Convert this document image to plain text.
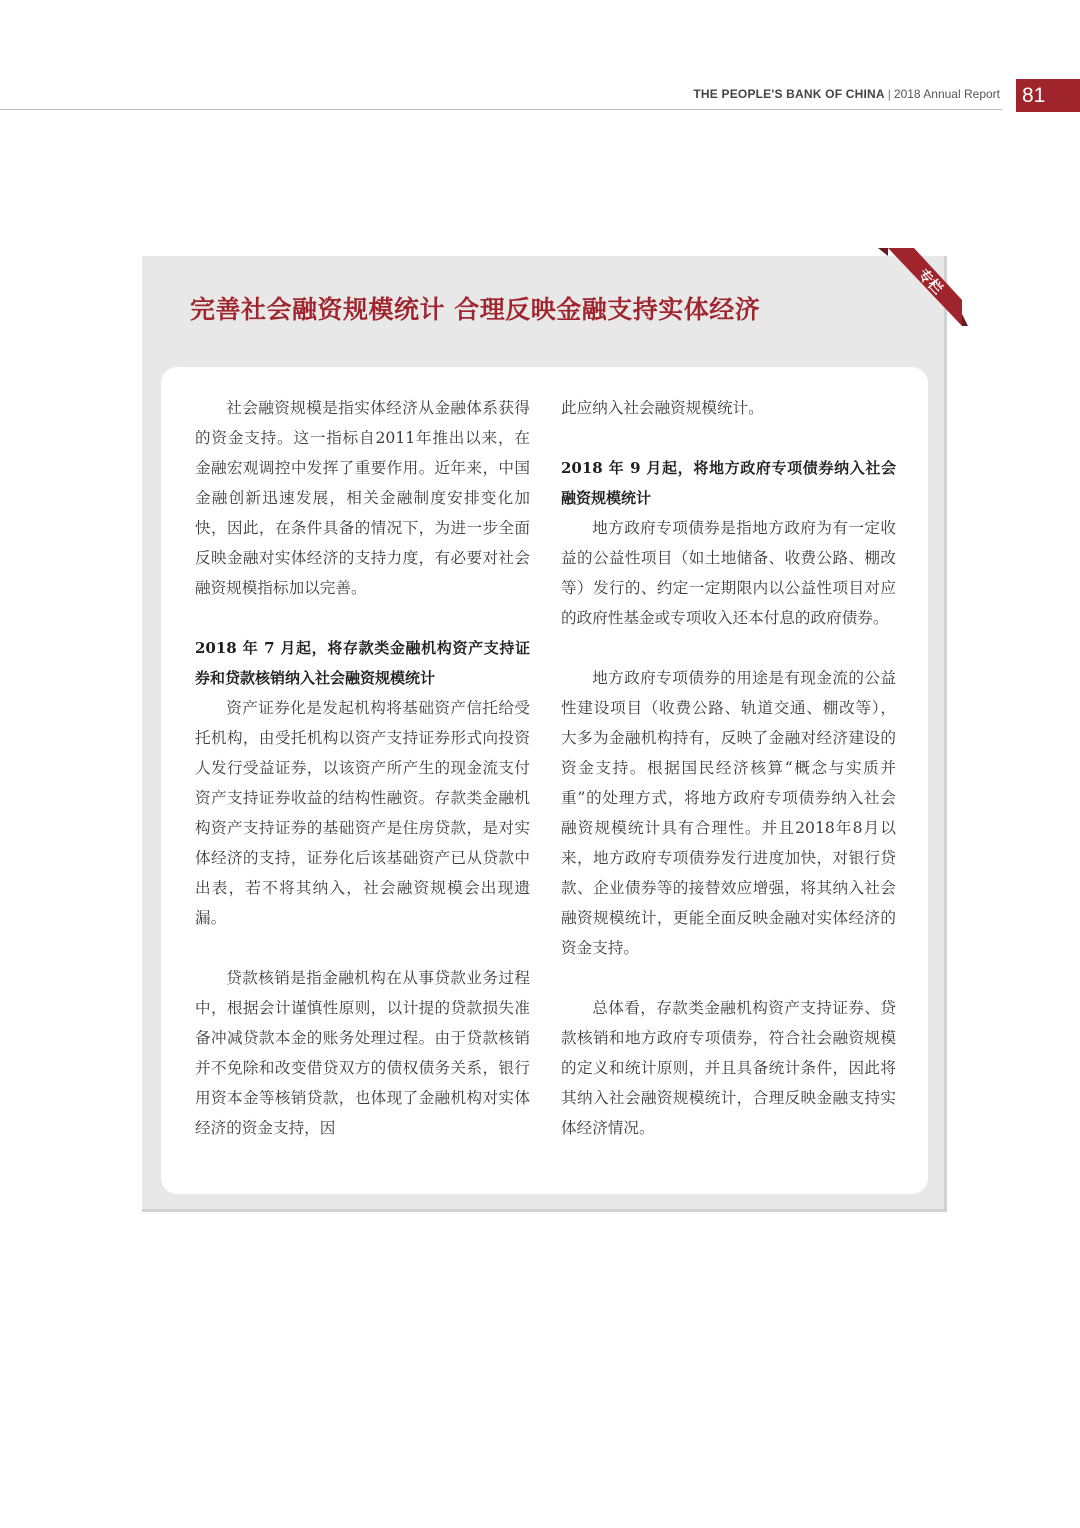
THE PEOPLE'S BANK OF CHINA | 2018 Annual Report 81
完善社会融资规模统计 合理反映金融支持实体经济
专栏

社会融资规模是指实体经济从金融体系获得的资金支持。这一指标自2011年推出以来，在金融宏观调控中发挥了重要作用。近年来，中国金融创新迅速发展，相关金融制度安排变化加快，因此，在条件具备的情况下，为进一步全面反映金融对实体经济的支持力度，有必要对社会融资规模指标加以完善。

2018 年 7 月起，将存款类金融机构资产支持证券和贷款核销纳入社会融资规模统计

资产证券化是发起机构将基础资产信托给受托机构，由受托机构以资产支持证券形式向投资人发行受益证券，以该资产所产生的现金流支付资产支持证券收益的结构性融资。存款类金融机构资产支持证券的基础资产是住房贷款，是对实体经济的支持，证券化后该基础资产已从贷款中出表，若不将其纳入，社会融资规模会出现遗漏。

贷款核销是指金融机构在从事贷款业务过程中，根据会计谨慎性原则，以计提的贷款损失准备冲减贷款本金的账务处理过程。由于贷款核销并不免除和改变借贷双方的债权债务关系，银行用资本金等核销贷款，也体现了金融机构对实体经济的资金支持，因

此应纳入社会融资规模统计。

2018 年 9 月起，将地方政府专项债券纳入社会融资规模统计

地方政府专项债券是指地方政府为有一定收益的公益性项目（如土地储备、收费公路、棚改等）发行的、约定一定期限内以公益性项目对应的政府性基金或专项收入还本付息的政府债券。

地方政府专项债券的用途是有现金流的公益性建设项目（收费公路、轨道交通、棚改等），大多为金融机构持有，反映了金融对经济建设的资金支持。根据国民经济核算“概念与实质并重”的处理方式，将地方政府专项债券纳入社会融资规模统计具有合理性。并且2018年8月以来，地方政府专项债券发行进度加快，对银行贷款、企业债券等的接替效应增强，将其纳入社会融资规模统计，更能全面反映金融对实体经济的资金支持。

总体看，存款类金融机构资产支持证券、贷款核销和地方政府专项债券，符合社会融资规模的定义和统计原则，并且具备统计条件，因此将其纳入社会融资规模统计，合理反映金融支持实体经济情况。
